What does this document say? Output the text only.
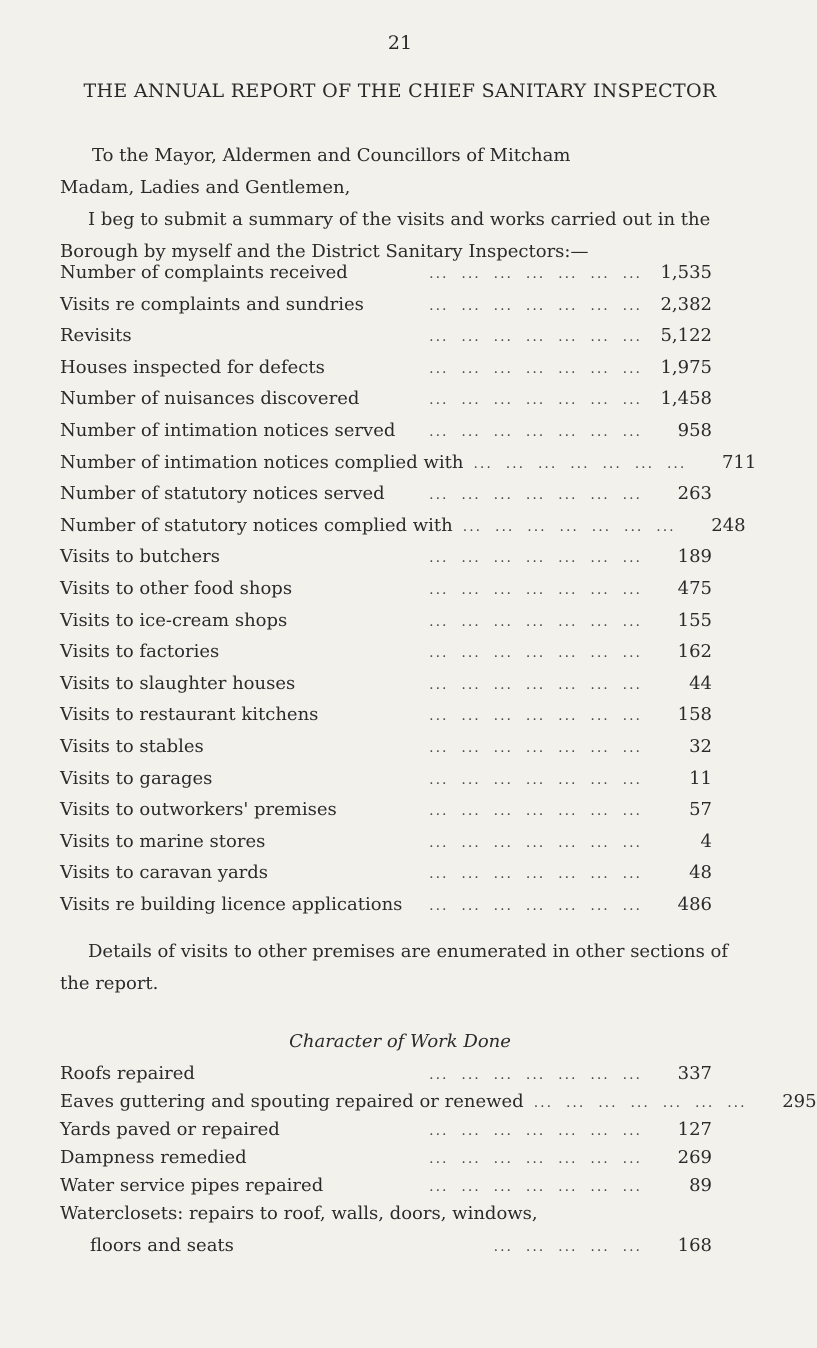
21
THE ANNUAL REPORT OF THE CHIEF SANITARY INSPECTOR
To the Mayor, Aldermen and Councillors of Mitcham
Madam, Ladies and Gentlemen,
I beg to submit a summary of the visits and works carried out in the Borough by myself and the District Sanitary Inspectors:—
Number of complaints received	...  ...  ...  ...  ...  ...  ...	1,535
Visits re complaints and sundries	...  ...  ...  ...  ...  ...  ...	2,382
Revisits	...  ...  ...  ...  ...  ...  ...	5,122
Houses inspected for defects	...  ...  ...  ...  ...  ...  ...	1,975
Number of nuisances discovered	...  ...  ...  ...  ...  ...  ...	1,458
Number of intimation notices served	...  ...  ...  ...  ...  ...  ...	958
Number of intimation notices complied with ...  ...  ...  ...  ...  ...  ...	711
Number of statutory notices served	...  ...  ...  ...  ...  ...  ...	263
Number of statutory notices complied with ...  ...  ...  ...  ...  ...  ...	248
Visits to butchers	...  ...  ...  ...  ...  ...  ...	189
Visits to other food shops	...  ...  ...  ...  ...  ...  ...	475
Visits to ice-cream shops	...  ...  ...  ...  ...  ...  ...	155
Visits to factories	...  ...  ...  ...  ...  ...  ...	162
Visits to slaughter houses	...  ...  ...  ...  ...  ...  ...	44
Visits to restaurant kitchens	...  ...  ...  ...  ...  ...  ...	158
Visits to stables	...  ...  ...  ...  ...  ...  ...	32
Visits to garages	...  ...  ...  ...  ...  ...  ...	11
Visits to outworkers' premises	...  ...  ...  ...  ...  ...  ...	57
Visits to marine stores	...  ...  ...  ...  ...  ...  ...	4
Visits to caravan yards	...  ...  ...  ...  ...  ...  ...	48
Visits re building licence applications	...  ...  ...  ...  ...  ...  ...	486
Details of visits to other premises are enumerated in other sections of the report.
Character of Work Done
Roofs repaired	...  ...  ...  ...  ...  ...  ...	337
Eaves guttering and spouting repaired or renewed ...  ...  ...  ...  ...  ...  ...	295
Yards paved or repaired	...  ...  ...  ...  ...  ...  ...	127
Dampness remedied	...  ...  ...  ...  ...  ...  ...	269
Water service pipes repaired	...  ...  ...  ...  ...  ...  ...	89
Waterclosets: repairs to roof, walls, doors, windows,
floors and seats	...  ...  ...  ...  ...	168
